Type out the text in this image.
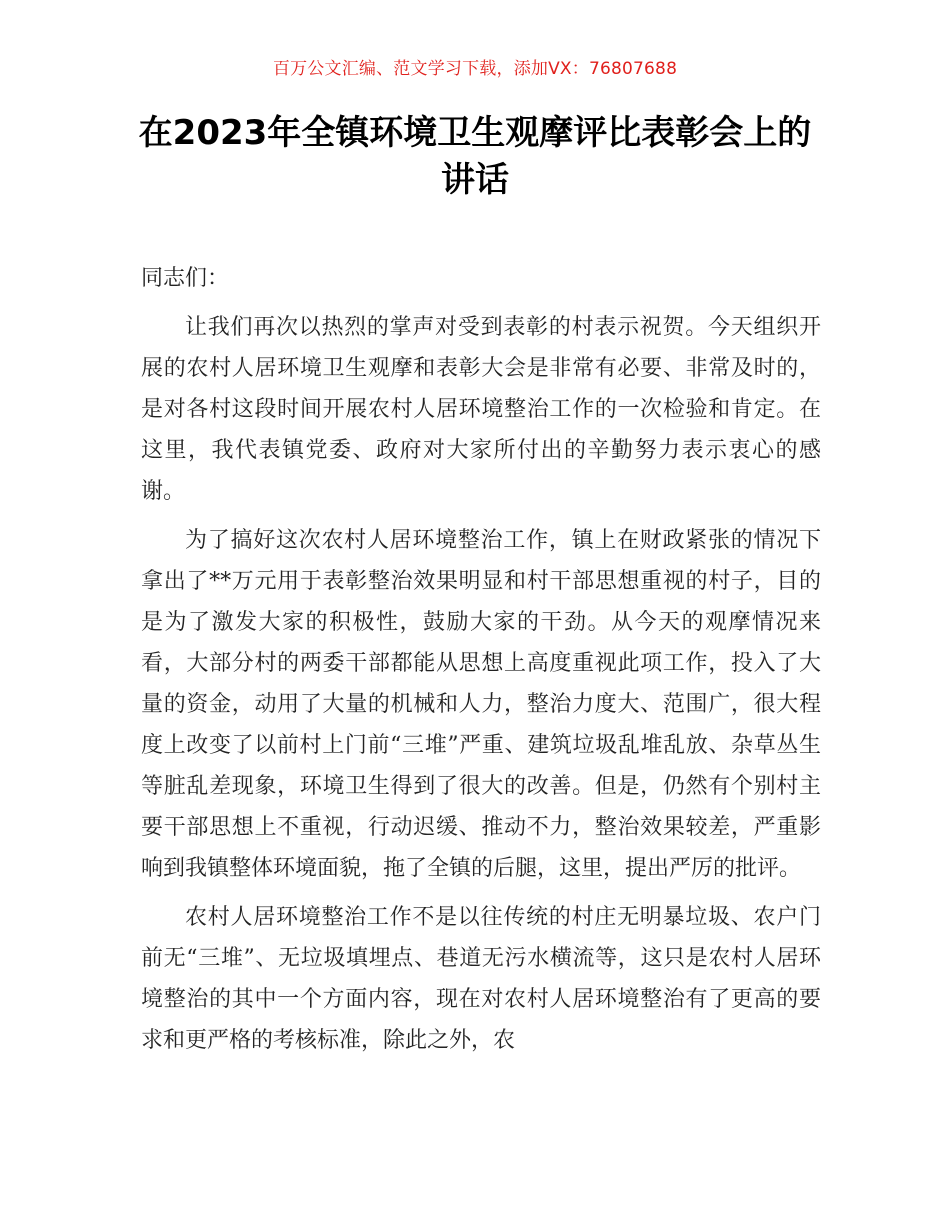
百万公文汇编、范文学习下载，添加VX：76807688
在2023年全镇环境卫生观摩评比表彰会上的讲话

同志们：

让我们再次以热烈的掌声对受到表彰的村表示祝贺。今天组织开展的农村人居环境卫生观摩和表彰大会是非常有必要、非常及时的，是对各村这段时间开展农村人居环境整治工作的一次检验和肯定。在这里，我代表镇党委、政府对大家所付出的辛勤努力表示衷心的感谢。

为了搞好这次农村人居环境整治工作，镇上在财政紧张的情况下拿出了**万元用于表彰整治效果明显和村干部思想重视的村子，目的是为了激发大家的积极性，鼓励大家的干劲。从今天的观摩情况来看，大部分村的两委干部都能从思想上高度重视此项工作，投入了大量的资金，动用了大量的机械和人力，整治力度大、范围广，很大程度上改变了以前村上门前“三堆”严重、建筑垃圾乱堆乱放、杂草丛生等脏乱差现象，环境卫生得到了很大的改善。但是，仍然有个别村主要干部思想上不重视，行动迟缓、推动不力，整治效果较差，严重影响到我镇整体环境面貌，拖了全镇的后腿，这里，提出严厉的批评。

农村人居环境整治工作不是以往传统的村庄无明暴垃圾、农户门前无“三堆”、无垃圾填埋点、巷道无污水横流等，这只是农村人居环境整治的其中一个方面内容，现在对农村人居环境整治有了更高的要求和更严格的考核标准，除此之外，农
